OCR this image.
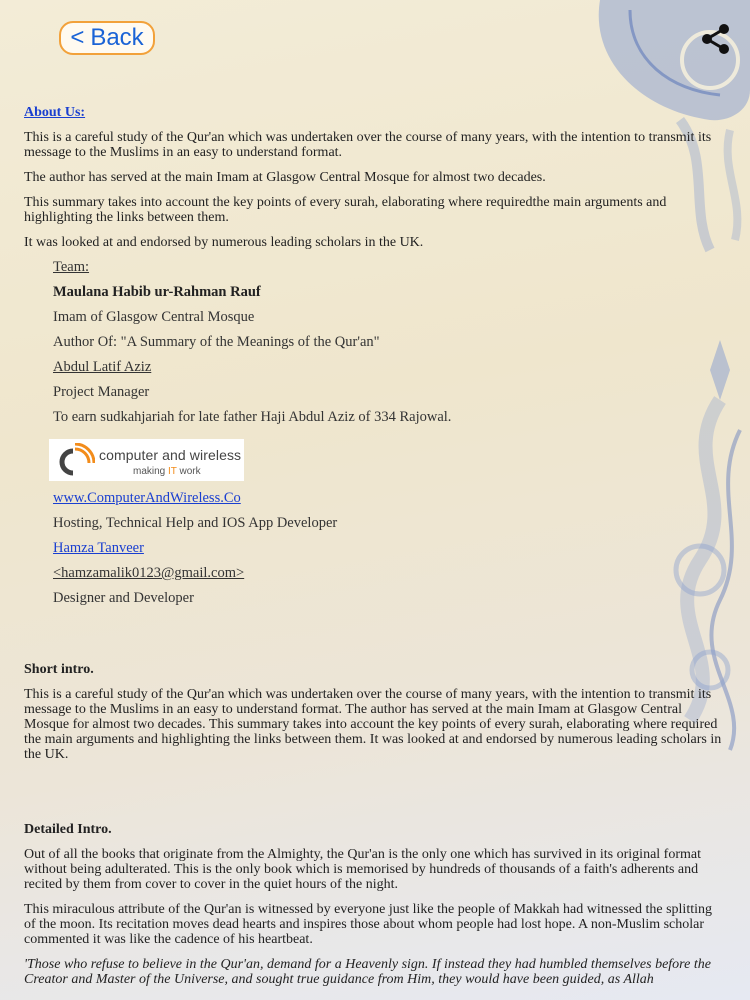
< Back
About Us:

This is a careful study of the Qur'an which was undertaken over the course of many years, with the intention to transmit its message to the Muslims in an easy to understand format.

The author has served at the main Imam at Glasgow Central Mosque for almost two decades.

This summary takes into account the key points of every surah, elaborating where requiredthe main arguments and highlighting the links between them.

It was looked at and endorsed by numerous leading scholars in the UK.

Team:
Maulana Habib ur-Rahman Rauf
Imam of Glasgow Central Mosque
Author Of: "A Summary of the Meanings of the Qur'an"
Abdul Latif Aziz
Project Manager
To earn sudkahjariah for late father Haji Abdul Aziz of 334 Rajowal.
computer and wireless
making IT work
www.ComputerAndWireless.Co
Hosting, Technical Help and IOS App Developer
Hamza Tanveer
<hamzamalik0123@gmail.com>
Designer and Developer
Short intro.

This is a careful study of the Qur'an which was undertaken over the course of many years, with the intention to transmit its message to the Muslims in an easy to understand format. The author has served at the main Imam at Glasgow Central Mosque for almost two decades. This summary takes into account the key points of every surah, elaborating where required the main arguments and highlighting the links between them. It was looked at and endorsed by numerous leading scholars in the UK.

Detailed Intro.

Out of all the books that originate from the Almighty, the Qur'an is the only one which has survived in its original format without being adulterated. This is the only book which is memorised by hundreds of thousands of a faith's adherents and recited by them from cover to cover in the quiet hours of the night.

This miraculous attribute of the Qur'an is witnessed by everyone just like the people of Makkah had witnessed the splitting of the moon. Its recitation moves dead hearts and inspires those about whom people had lost hope. A non-Muslim scholar commented it was like the cadence of his heartbeat.

'Those who refuse to believe in the Qur'an, demand for a Heavenly sign. If instead they had humbled themselves before the Creator and Master of the Universe, and sought true guidance from Him, they would have been guided, as Allah
